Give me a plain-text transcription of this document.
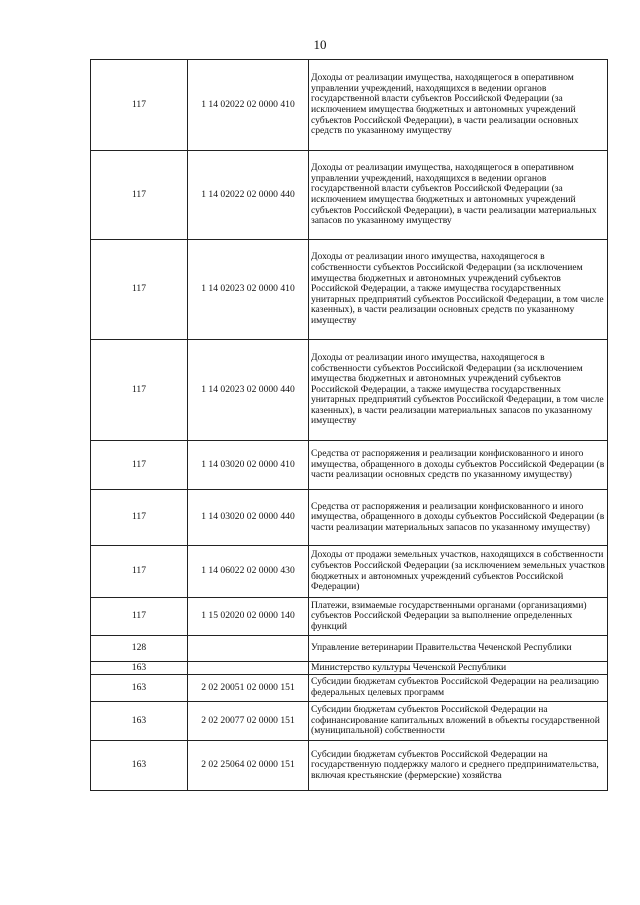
10
117	1 14 02022 02 0000 410	Доходы от реализации имущества, находящегося в оперативном управлении учреждений, находящихся в ведении органов государственной власти субъектов Российской Федерации (за исключением имущества бюджетных и автономных учреждений субъектов Российской Федерации), в части реализации основных средств по указанному имуществу
117	1 14 02022 02 0000 440	Доходы от реализации имущества, находящегося в оперативном управлении учреждений, находящихся в ведении органов государственной власти субъектов Российской Федерации (за исключением имущества бюджетных и автономных учреждений субъектов Российской Федерации), в части реализации материальных запасов по указанному имуществу
117	1 14 02023 02 0000 410	Доходы от реализации иного имущества, находящегося в собственности субъектов Российской Федерации (за исключением имущества бюджетных и автономных учреждений субъектов Российской Федерации, а также имущества государственных унитарных предприятий субъектов Российской Федерации, в том числе казенных), в части реализации основных средств по указанному имуществу
117	1 14 02023 02 0000 440	Доходы от реализации иного имущества, находящегося в собственности субъектов Российской Федерации (за исключением имущества бюджетных и автономных учреждений субъектов Российской Федерации, а также имущества государственных унитарных предприятий субъектов Российской Федерации, в том числе казенных), в части реализации материальных запасов по указанному имуществу
117	1 14 03020 02 0000 410	Средства от распоряжения и реализации конфискованного и иного имущества, обращенного в доходы субъектов Российской Федерации (в части реализации основных средств по указанному имуществу)
117	1 14 03020 02 0000 440	Средства от распоряжения и реализации конфискованного и иного имущества, обращенного в доходы субъектов Российской Федерации (в части реализации материальных запасов по указанному имуществу)
117	1 14 06022 02 0000 430	Доходы от продажи земельных участков, находящихся в собственности субъектов Российской Федерации (за исключением земельных участков бюджетных и автономных учреждений субъектов Российской Федерации)
117	1 15 02020 02 0000 140	Платежи, взимаемые государственными органами (организациями) субъектов Российской Федерации за выполнение определенных функций
128		Управление ветеринарии Правительства Чеченской Республики
163		Министерство культуры Чеченской Республики
163	2 02 20051 02 0000 151	Субсидии бюджетам субъектов Российской Федерации на реализацию федеральных целевых программ
163	2 02 20077 02 0000 151	Субсидии бюджетам субъектов Российской Федерации на софинансирование капитальных вложений в объекты государственной (муниципальной) собственности
163	2 02 25064 02 0000 151	Субсидии бюджетам субъектов Российской Федерации на государственную поддержку малого и среднего предпринимательства, включая крестьянские (фермерские) хозяйства
